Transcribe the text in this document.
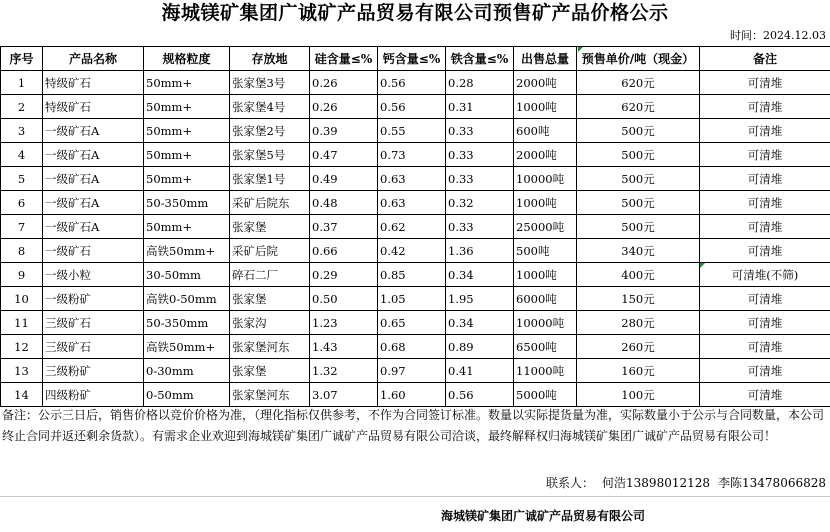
海城镁矿集团广诚矿产品贸易有限公司预售矿产品价格公示
时间：2024.12.03
序号	产品名称	规格粒度	存放地	硅含量≤%	钙含量≤%	铁含量≤%	出售总量	预售单价/吨（现金）	备注
1	特级矿石	50mm+	张家堡3号	0.26	0.56	0.28	2000吨	620元	可清堆
2	特级矿石	50mm+	张家堡4号	0.26	0.56	0.31	1000吨	620元	可清堆
3	一级矿石A	50mm+	张家堡2号	0.39	0.55	0.33	600吨	500元	可清堆
4	一级矿石A	50mm+	张家堡5号	0.47	0.73	0.33	2000吨	500元	可清堆
5	一级矿石A	50mm+	张家堡1号	0.49	0.63	0.33	10000吨	500元	可清堆
6	一级矿石A	50-350mm	采矿后院东	0.48	0.63	0.32	1000吨	500元	可清堆
7	一级矿石A	50mm+	张家堡	0.37	0.62	0.33	25000吨	500元	可清堆
8	一级矿石	高铁50mm+	采矿后院	0.66	0.42	1.36	500吨	340元	可清堆
9	一级小粒	30-50mm	碎石二厂	0.29	0.85	0.34	1000吨	400元	可清堆(不筛)
10	一级粉矿	高铁0-50mm	张家堡	0.50	1.05	1.95	6000吨	150元	可清堆
11	三级矿石	50-350mm	张家沟	1.23	0.65	0.34	10000吨	280元	可清堆
12	三级矿石	高铁50mm+	张家堡河东	1.43	0.68	0.89	6500吨	260元	可清堆
13	三级粉矿	0-30mm	张家堡	1.32	0.97	0.41	11000吨	160元	可清堆
14	四级粉矿	0-50mm	张家堡河东	3.07	1.60	0.56	5000吨	100元	可清堆
备注：公示三日后，销售价格以竞价价格为准，（理化指标仅供参考，不作为合同签订标准。数量以实际提货量为准，实际数量小于公示与合同数量，本公司终止合同并返还剩余货款）。有需求企业欢迎到海城镁矿集团广诚矿产品贸易有限公司洽谈，最终解释权归海城镁矿集团广诚矿产品贸易有限公司！
联系人： 何浩13898012128 李陈13478066828
海城镁矿集团广诚矿产品贸易有限公司
